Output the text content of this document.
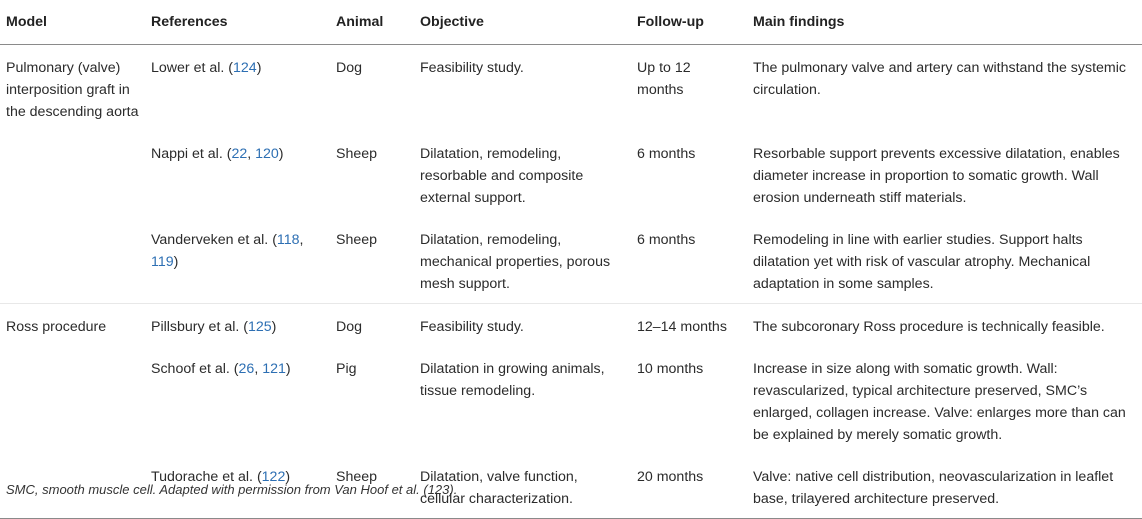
Model	References	Animal	Objective	Follow-up	Main findings
Pulmonary (valve) interposition graft in the descending aorta	Lower et al. (124)	Dog	Feasibility study.	Up to 12 months	The pulmonary valve and artery can withstand the systemic circulation.
	Nappi et al. (22, 120)	Sheep	Dilatation, remodeling, resorbable and composite external support.	6 months	Resorbable support prevents excessive dilatation, enables diameter increase in proportion to somatic growth. Wall erosion underneath stiff materials.
	Vanderveken et al. (118, 119)	Sheep	Dilatation, remodeling, mechanical properties, porous mesh support.	6 months	Remodeling in line with earlier studies. Support halts dilatation yet with risk of vascular atrophy. Mechanical adaptation in some samples.
Ross procedure	Pillsbury et al. (125)	Dog	Feasibility study.	12–14 months	The subcoronary Ross procedure is technically feasible.
	Schoof et al. (26, 121)	Pig	Dilatation in growing animals, tissue remodeling.	10 months	Increase in size along with somatic growth. Wall: revascularized, typical architecture preserved, SMC’s enlarged, collagen increase. Valve: enlarges more than can be explained by merely somatic growth.
	Tudorache et al. (122)	Sheep	Dilatation, valve function, cellular characterization.	20 months	Valve: native cell distribution, neovascularization in leaflet base, trilayered architecture preserved.
SMC, smooth muscle cell. Adapted with permission from Van Hoof et al. (123).
